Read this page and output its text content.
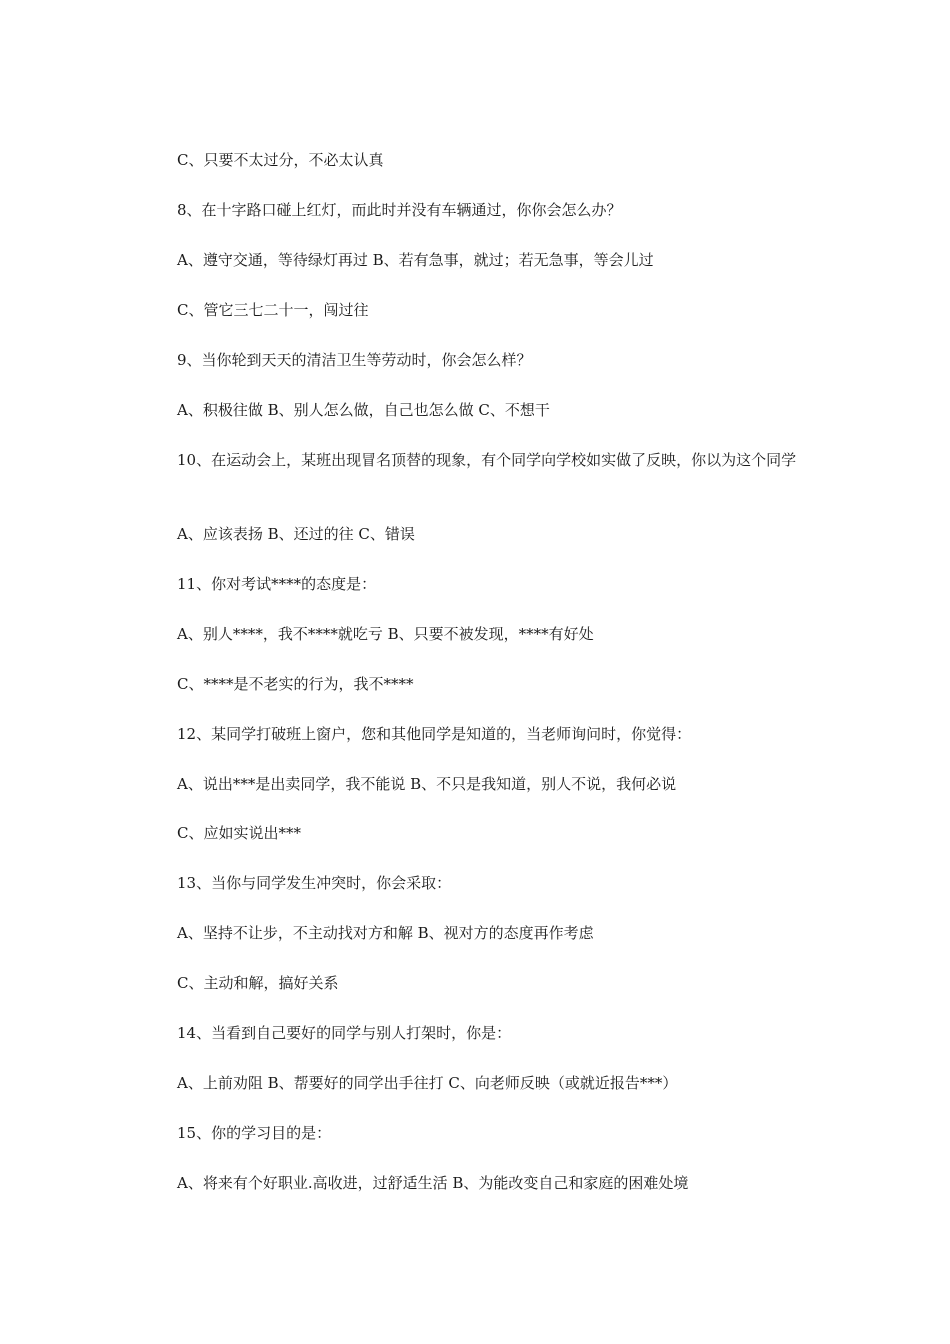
C、只要不太过分，不必太认真

8、在十字路口碰上红灯，而此时并没有车辆通过，你你会怎么办？

A、遵守交通，等待绿灯再过 B、若有急事，就过；若无急事，等会儿过

C、管它三七二十一，闯过往

9、当你轮到天天的清洁卫生等劳动时，你会怎么样？

A、积极往做 B、别人怎么做，自己也怎么做 C、不想干

10、在运动会上，某班出现冒名顶替的现象，有个同学向学校如实做了反映，你以为这个同学

A、应该表扬 B、还过的往 C、错误

11、你对考试****的态度是：

A、别人****，我不****就吃亏 B、只要不被发现，****有好处

C、****是不老实的行为，我不****

12、某同学打破班上窗户，您和其他同学是知道的，当老师询问时，你觉得：

A、说出***是出卖同学，我不能说 B、不只是我知道，别人不说，我何必说

C、应如实说出***

13、当你与同学发生冲突时，你会采取：

A、坚持不让步，不主动找对方和解 B、视对方的态度再作考虑

C、主动和解，搞好关系

14、当看到自己要好的同学与别人打架时，你是：

A、上前劝阻 B、帮要好的同学出手往打 C、向老师反映（或就近报告***）

15、你的学习目的是：

A、将来有个好职业.高收进，过舒适生活 B、为能改变自己和家庭的困难处境
